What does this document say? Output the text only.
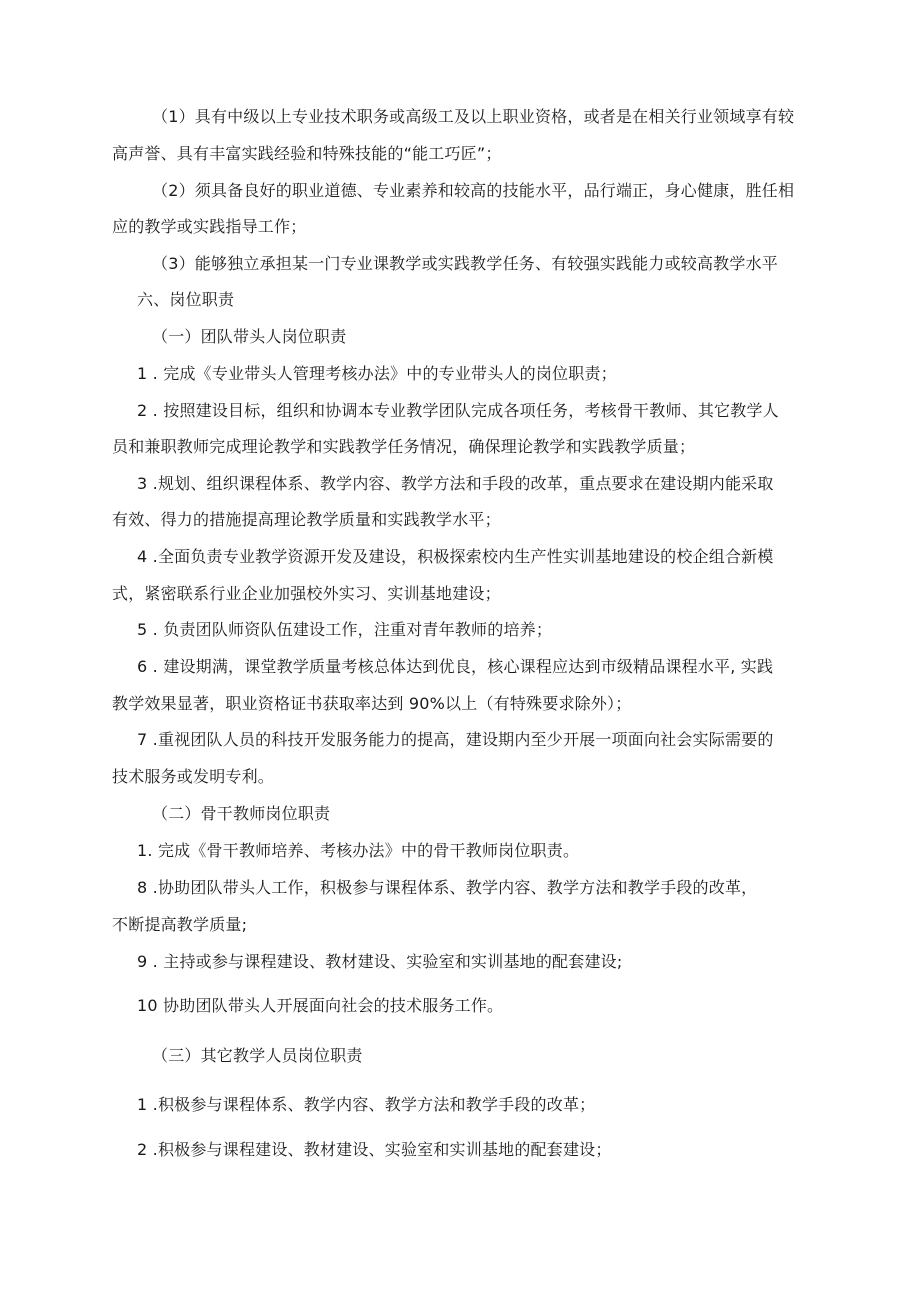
（1）具有中级以上专业技术职务或高级工及以上职业资格，或者是在相关行业领域享有较
高声誉、具有丰富实践经验和特殊技能的“能工巧匠”；
（2）须具备良好的职业道德、专业素养和较高的技能水平，品行端正，身心健康，胜任相
应的教学或实践指导工作；
（3）能够独立承担某一门专业课教学或实践教学任务、有较强实践能力或较高教学水平
六、岗位职责
（一）团队带头人岗位职责
1 . 完成《专业带头人管理考核办法》中的专业带头人的岗位职责；
2 . 按照建设目标，组织和协调本专业教学团队完成各项任务，考核骨干教师、其它教学人
员和兼职教师完成理论教学和实践教学任务情况，确保理论教学和实践教学质量；
3 .规划、组织课程体系、教学内容、教学方法和手段的改革，重点要求在建设期内能采取
有效、得力的措施提高理论教学质量和实践教学水平；
4 .全面负责专业教学资源开发及建设，积极探索校内生产性实训基地建设的校企组合新模
式，紧密联系行业企业加强校外实习、实训基地建设；
5 . 负责团队师资队伍建设工作，注重对青年教师的培养；
6 . 建设期满，课堂教学质量考核总体达到优良，核心课程应达到市级精品课程水平, 实践
教学效果显著，职业资格证书获取率达到 90%以上（有特殊要求除外）；
7 .重视团队人员的科技开发服务能力的提高，建设期内至少开展一项面向社会实际需要的
技术服务或发明专利。
（二）骨干教师岗位职责
1. 完成《骨干教师培养、考核办法》中的骨干教师岗位职责。
8 .协助团队带头人工作，积极参与课程体系、教学内容、教学方法和教学手段的改革，
不断提高教学质量;
9 . 主持或参与课程建设、教材建设、实验室和实训基地的配套建设;
10 协助团队带头人开展面向社会的技术服务工作。
（三）其它教学人员岗位职责
1 .积极参与课程体系、教学内容、教学方法和教学手段的改革；
2 .积极参与课程建设、教材建设、实验室和实训基地的配套建设；
